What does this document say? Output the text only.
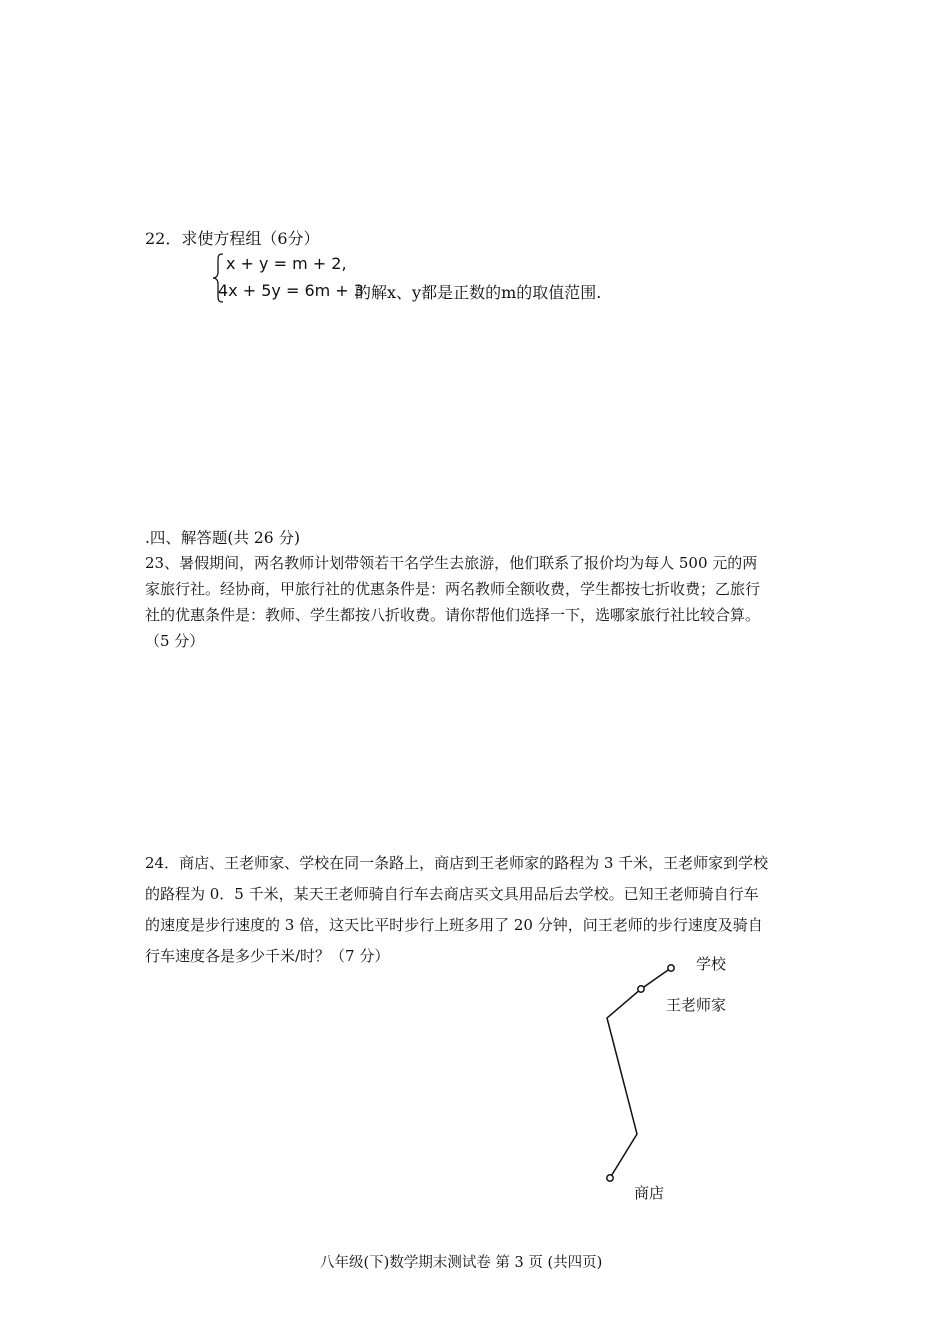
22．求使方程组（6分）
x + y = m + 2,
4x + 5y = 6m + 3
的解x、y都是正数的m的取值范围.
.四、解答题(共 26 分)
23、暑假期间，两名教师计划带领若干名学生去旅游，他们联系了报价均为每人 500 元的两
家旅行社。经协商，甲旅行社的优惠条件是：两名教师全额收费，学生都按七折收费；乙旅行
社的优惠条件是：教师、学生都按八折收费。请你帮他们选择一下，选哪家旅行社比较合算。
（5 分）
24．商店、王老师家、学校在同一条路上，商店到王老师家的路程为 3 千米，王老师家到学校
的路程为 0．5 千米，某天王老师骑自行车去商店买文具用品后去学校。已知王老师骑自行车
的速度是步行速度的 3 倍，这天比平时步行上班多用了 20 分钟，问王老师的步行速度及骑自
行车速度各是多少千米/时？（7 分）	学校
王老师家
商店
八年级(下)数学期末测试卷 第 3 页 (共四页)
